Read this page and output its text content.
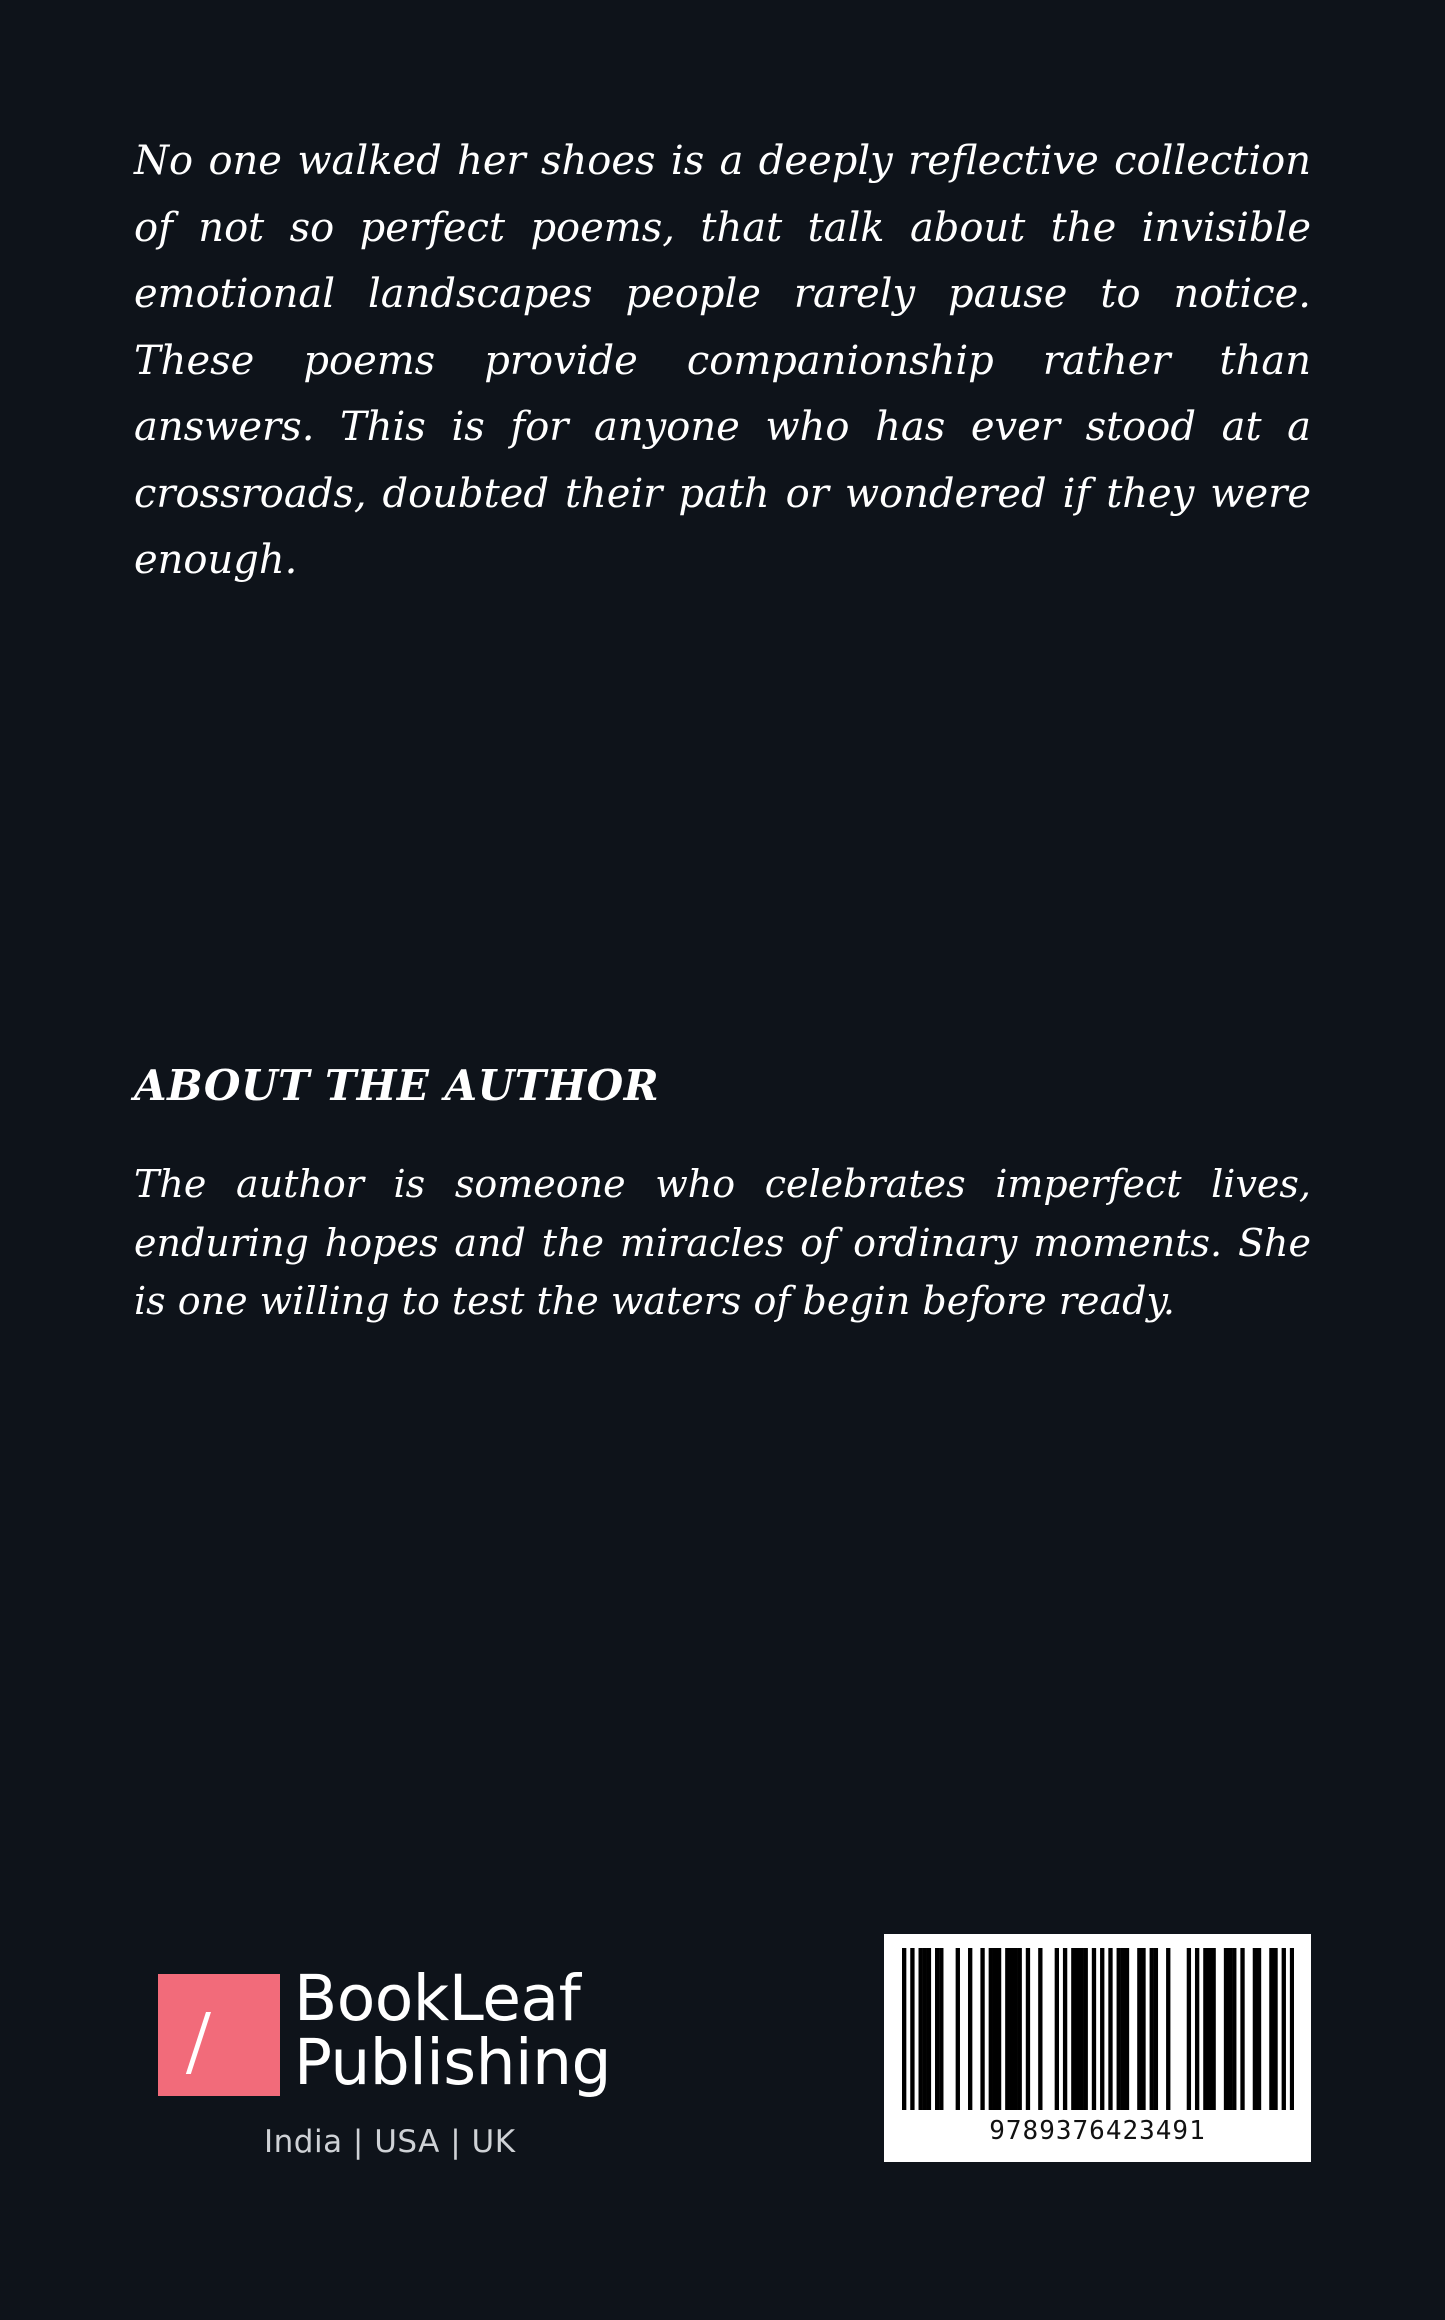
No one walked her shoes is a deeply reflective collection of not so perfect poems, that talk about the invisible emotional landscapes people rarely pause to notice. These poems provide companionship rather than answers. This is for anyone who has ever stood at a crossroads, doubted their path or wondered if they were enough.

ABOUT THE AUTHOR

The author is someone who celebrates imperfect lives, enduring hopes and the miracles of ordinary moments. She is one willing to test the waters of begin before ready.

BookLeaf
Publishing
India | USA | UK	9789376423491
